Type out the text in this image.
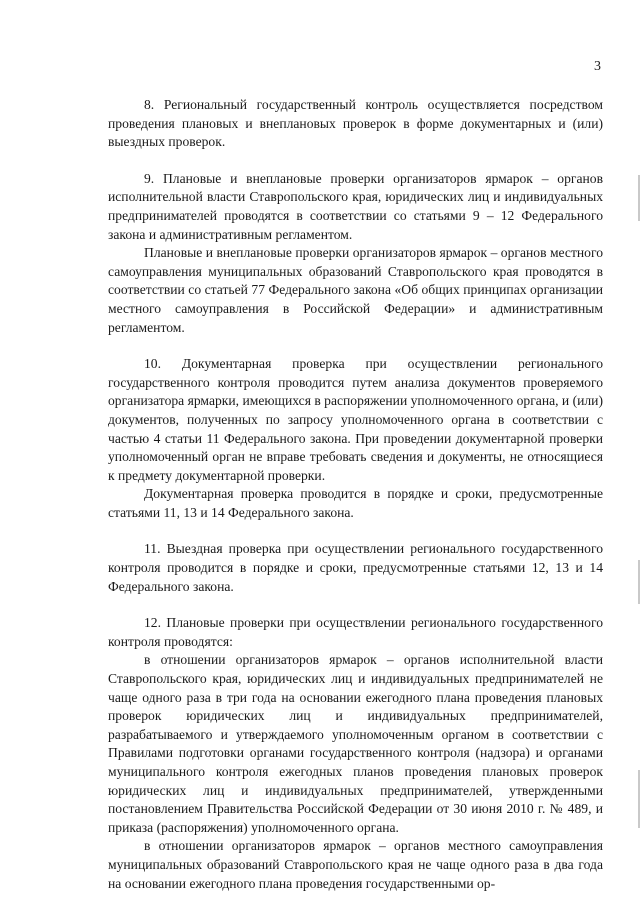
3

8. Региональный государственный контроль осуществляется посредством проведения плановых и внеплановых проверок в форме документарных и (или) выездных проверок.

9. Плановые и внеплановые проверки организаторов ярмарок – органов исполнительной власти Ставропольского края, юридических лиц и индивидуальных предпринимателей проводятся в соответствии со статьями 9 – 12 Федерального закона и административным регламентом.

Плановые и внеплановые проверки организаторов ярмарок – органов местного самоуправления муниципальных образований Ставропольского края проводятся в соответствии со статьей 77 Федерального закона «Об общих принципах организации местного самоуправления в Российской Федерации» и административным регламентом.

10. Документарная проверка при осуществлении регионального государственного контроля проводится путем анализа документов проверяемого организатора ярмарки, имеющихся в распоряжении уполномоченного органа, и (или) документов, полученных по запросу уполномоченного органа в соответствии с частью 4 статьи 11 Федерального закона. При проведении документарной проверки уполномоченный орган не вправе требовать сведения и документы, не относящиеся к предмету документарной проверки.

Документарная проверка проводится в порядке и сроки, предусмотренные статьями 11, 13 и 14 Федерального закона.

11. Выездная проверка при осуществлении регионального государственного контроля проводится в порядке и сроки, предусмотренные статьями 12, 13 и 14 Федерального закона.

12. Плановые проверки при осуществлении регионального государственного контроля проводятся:

в отношении организаторов ярмарок – органов исполнительной власти Ставропольского края, юридических лиц и индивидуальных предпринимателей не чаще одного раза в три года на основании ежегодного плана проведения плановых проверок юридических лиц и индивидуальных предпринимателей, разрабатываемого и утверждаемого уполномоченным органом в соответствии с Правилами подготовки органами государственного контроля (надзора) и органами муниципального контроля ежегодных планов проведения плановых проверок юридических лиц и индивидуальных предпринимателей, утвержденными постановлением Правительства Российской Федерации от 30 июня 2010 г. № 489, и приказа (распоряжения) уполномоченного органа.

в отношении организаторов ярмарок – органов местного самоуправления муниципальных образований Ставропольского края не чаще одного раза в два года на основании ежегодного плана проведения государственными ор-
